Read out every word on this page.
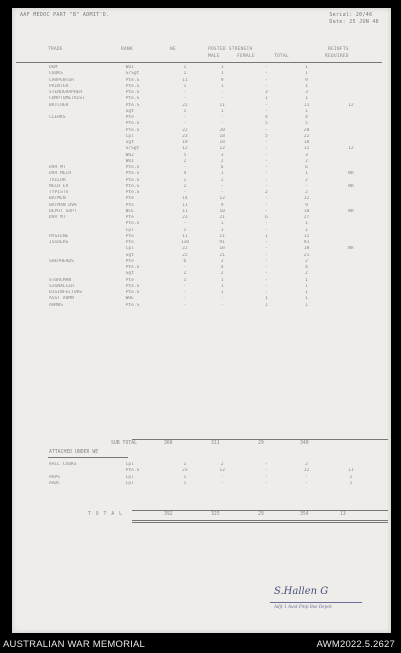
AAF MEDOC PART "B" ADMIT'D.	Serial: 20/46
Date: 25 JUN 46
TRADE	RANK	NE	POSTED STRENGTH
MALE	FEMALE	TOTAL
REINFTS
REQUIRED
DGM	WO1	1	1	-	1	
COOKS	S/Sgt	1	1	-	1	
CARPENTER	Pte.S	11	9	-	9	
PAINTER	Pte.S	1	1	-	1	
STENOGRAPHER	Pte.S	-	-	3	3	
COMPTOMETRIST	Pte.S	-	-	1	1	
BATCHER	Pte.S	22	11	-	11	12
	Sgt	1	1	-	1	
CLERKS	Pte	-	-	4	4	
	Pte.S	-	-	5	5	
	Pte.S	22	20	-	20	
	Cpl	23	18	5	22	
	Sgt	19	18	-	18	
	S/Sgt	12	12	-	12	12
	WO2	5	3	-	3	
	WO1	2	2	-	2	
DVR MT	Pte.S	-	6	-	6	
DVR MECH	Pte.S	4	1	-	1	NR
TAILOR	Pte.S	1	2	-	2	
MECH EV	Pte.S	2	-	-	-	NR
TYPISTS	Pte.S	-	-	2	2	
BATMEN	Pte	14	12	-	12	
BATMAN DVR	Pte	11	9	-	9	
DEPOT SUPT	NCE	11	10	-	10	NR
DVR MT	Pte	23	21	6	27	
	Pte.S	-	1	-	1	
	Cpl	1	1	-	1	
HYGIENE	Pte	11	11	1	12	
ISSUERS	Pte	110	91	-	91	
	Cpl	22	18	-	18	NR
	Sgt	22	21	-	21	
SHEPHERDS	Pte	6	2	-	2	
	Pte.S	-	4	-	4	
	Sgt	2	2	-	2	
STOREMAN	Pte	1	1	-	1	
SIGNALLER	Pte.S	-	1	-	1	
DISINFECTORS	Pte.S	-	1	-	1	
ASST ADMN	WOE	-	-	1	1	
AAMWS	Pte.S	-	-	1	1	
SUB TOTAL	366	311	29	340
ATTACHED UNDER WE
AACC COOKS	Cpl	1	2	-	2	
	Pte.S	23	12	-	12	11
AAPS	Cpl	1	-	-	-	1
AADC	Cpl	1	-	-	-	1
T O T A L	392	325	29	354	13
S.Hallen G
Adjt 1 Aust Fmp Bse Depot
AUSTRALIAN WAR MEMORIAL	AWM2022.5.2627
